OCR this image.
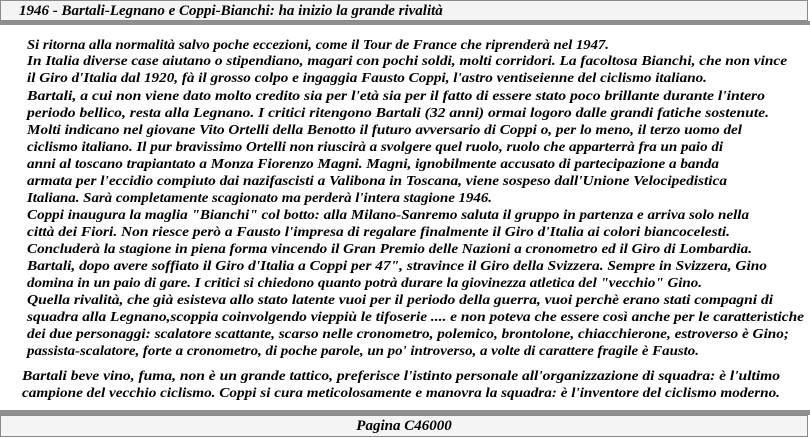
1946 - Bartali-Legnano e Coppi-Bianchi: ha inizio la grande rivalità
Si ritorna alla normalità salvo poche eccezioni, come il Tour de France che riprenderà nel 1947.
In Italia diverse case aiutano o stipendiano, magari con pochi soldi, molti corridori. La facoltosa Bianchi, che non vince
il Giro d'Italia dal 1920, fà il grosso colpo e ingaggia Fausto Coppi, l'astro ventiseienne del ciclismo italiano.
Bartali, a cui non viene dato molto credito sia per l'età sia per il fatto di essere stato poco brillante durante l'intero
periodo bellico, resta alla Legnano. I critici ritengono Bartali (32 anni) ormai logoro dalle grandi fatiche sostenute.
Molti indicano nel giovane Vito Ortelli della Benotto il futuro avversario di Coppi o, per lo meno, il terzo uomo del
ciclismo italiano. Il pur bravissimo Ortelli non riuscirà a svolgere quel ruolo, ruolo che apparterrà fra un paio di
anni al toscano trapiantato a Monza Fiorenzo Magni. Magni, ignobilmente accusato di partecipazione a banda
armata per l'eccidio compiuto dai nazifascisti a Valibona in Toscana, viene sospeso dall'Unione Velocipedistica
Italiana. Sarà completamente scagionato ma perderà l'intera stagione 1946.
Coppi inaugura la maglia "Bianchi" col botto: alla Milano-Sanremo saluta il gruppo in partenza e arriva solo nella
città dei Fiori. Non riesce però a Fausto l'impresa di regalare finalmente il Giro d'Italia ai colori biancocelesti.
Concluderà la stagione in piena forma vincendo il Gran Premio delle Nazioni a cronometro ed il Giro di Lombardia.
Bartali, dopo avere soffiato il Giro d'Italia a Coppi per 47", stravince il Giro della Svizzera. Sempre in Svizzera, Gino
domina in un paio di gare. I critici si chiedono quanto potrà durare la giovinezza atletica del "vecchio" Gino.
Quella rivalità, che già esisteva allo stato latente vuoi per il periodo della guerra, vuoi perchè erano stati compagni di
squadra alla Legnano,scoppia coinvolgendo vieppiù le tifoserie .... e non poteva che essere così anche per le caratteristiche
dei due personaggi: scalatore scattante, scarso nelle cronometro, polemico, brontolone, chiacchierone, estroverso è Gino;
passista-scalatore, forte a cronometro, di poche parole, un po' introverso, a volte di carattere fragile è Fausto.
Bartali beve vino, fuma, non è un grande tattico, preferisce l'istinto personale all'organizzazione di squadra: è l'ultimo
campione del vecchio ciclismo. Coppi si cura meticolosamente e manovra la squadra: è l'inventore del ciclismo moderno.
Pagina C46000
